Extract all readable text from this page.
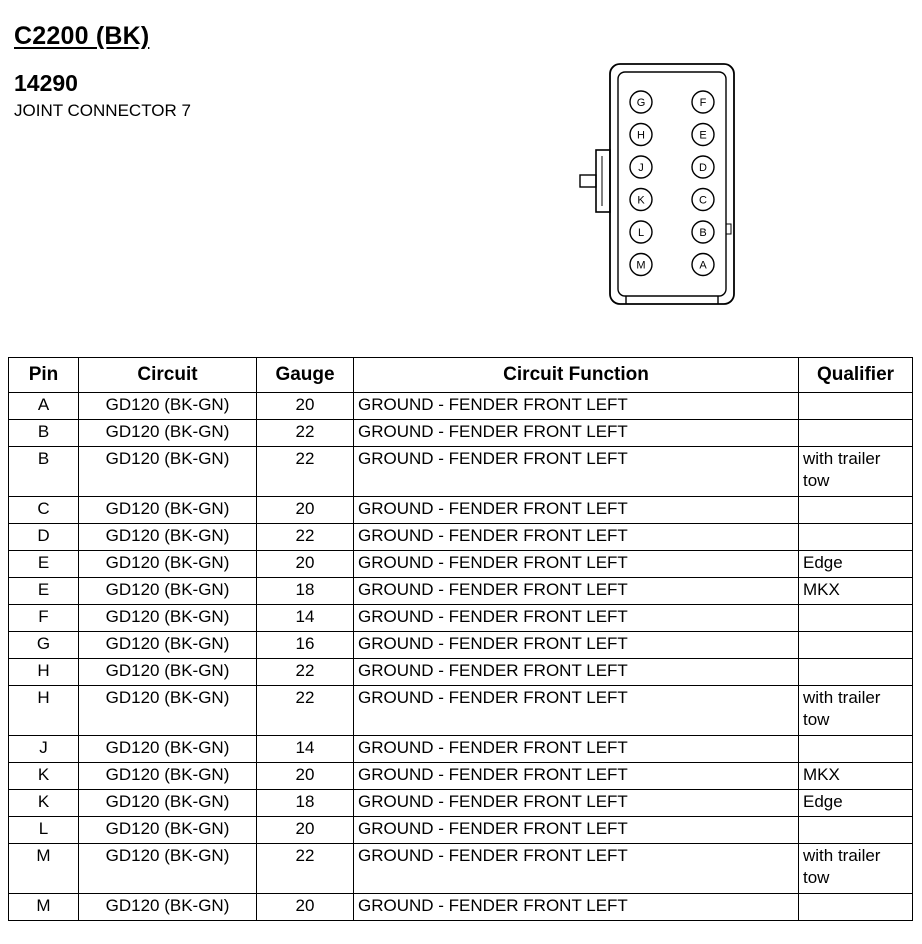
C2200 (BK)
14290
JOINT CONNECTOR 7	G
H
J
K
L
M
F
E
D
C
B
A
Pin	Circuit	Gauge	Circuit Function	Qualifier
A	GD120 (BK-GN)	20	GROUND - FENDER FRONT LEFT	
B	GD120 (BK-GN)	22	GROUND - FENDER FRONT LEFT	
B	GD120 (BK-GN)	22	GROUND - FENDER FRONT LEFT	with trailer tow
C	GD120 (BK-GN)	20	GROUND - FENDER FRONT LEFT	
D	GD120 (BK-GN)	22	GROUND - FENDER FRONT LEFT	
E	GD120 (BK-GN)	20	GROUND - FENDER FRONT LEFT	Edge
E	GD120 (BK-GN)	18	GROUND - FENDER FRONT LEFT	MKX
F	GD120 (BK-GN)	14	GROUND - FENDER FRONT LEFT	
G	GD120 (BK-GN)	16	GROUND - FENDER FRONT LEFT	
H	GD120 (BK-GN)	22	GROUND - FENDER FRONT LEFT	
H	GD120 (BK-GN)	22	GROUND - FENDER FRONT LEFT	with trailer tow
J	GD120 (BK-GN)	14	GROUND - FENDER FRONT LEFT	
K	GD120 (BK-GN)	20	GROUND - FENDER FRONT LEFT	MKX
K	GD120 (BK-GN)	18	GROUND - FENDER FRONT LEFT	Edge
L	GD120 (BK-GN)	20	GROUND - FENDER FRONT LEFT	
M	GD120 (BK-GN)	22	GROUND - FENDER FRONT LEFT	with trailer tow
M	GD120 (BK-GN)	20	GROUND - FENDER FRONT LEFT	
